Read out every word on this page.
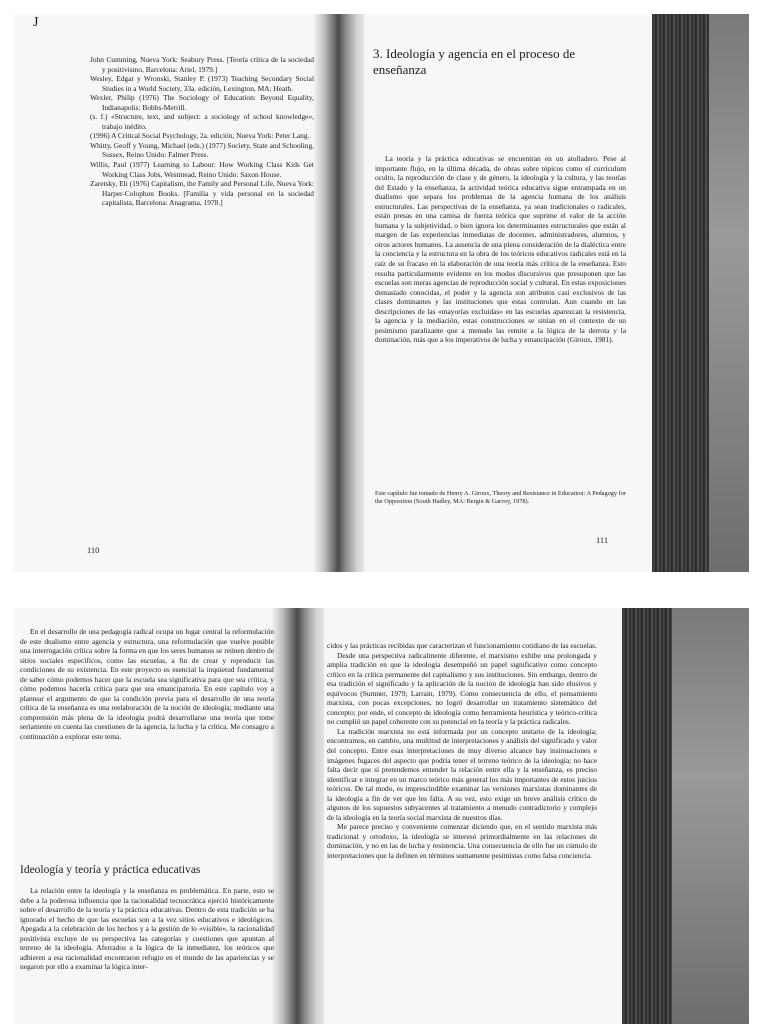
J

John Cumming, Nueva York: Seabury Press. [Teoría crítica de la sociedad y positivismo, Barcelona: Ariel, 1979.]

Wesley, Edgar y Wronski, Stanley P. (1973) Teaching Secondary Social Studies in a World Society, 33a. edición, Lexington, MA: Heath.

Wexler, Philip (1976) The Sociology of Education: Beyond Equality, Indianapolis: Bobbs-Merrill.

(s. f.) «Structure, text, and subject: a sociology of school knowledge», trabajo inédito.

(1996) A Critical Social Psychology, 2a. edición, Nueva York: Peter Lang.

Whitty, Geoff y Young, Michael (eds.) (1977) Society, State and Schooling, Sussex, Reino Unido: Falmer Press.

Willis, Paul (1977) Learning to Labour: How Working Class Kids Get Working Class Jobs, Westmead, Reino Unido: Saxon House.

Zaretsky, Eli (1976) Capitalism, the Family and Personal Life, Nueva York: Harper-Colophon Books. [Familia y vida personal en la sociedad capitalista, Barcelona: Anagrama, 1978.]

110
3. Ideología y agencia en el proceso de enseñanza

La teoría y la práctica educativas se encuentran en un atolladero. Pese al importante flujo, en la última década, de obras sobre tópicos como el currículum oculto, la reproducción de clase y de género, la ideología y la cultura, y las teorías del Estado y la enseñanza, la actividad teórica educativa sigue entrampada en un dualismo que separa los problemas de la agencia humana de los análisis estructurales. Las perspectivas de la enseñanza, ya sean tradicionales o radicales, están presas en una camisa de fuerza teórica que suprime el valor de la acción humana y la subjetividad, o bien ignora los determinantes estructurales que están al margen de las experiencias inmediatas de docentes, administradores, alumnos, y otros actores humanos. La ausencia de una plena consideración de la dialéctica entre la conciencia y la estructura en la obra de los teóricos educativos radicales está en la raíz de su fracaso en la elaboración de una teoría más crítica de la enseñanza. Esto resulta particularmente evidente en los modos discursivos que presuponen que las escuelas son meras agencias de reproducción social y cultural. En estas exposiciones demasiado conocidas, el poder y la agencia son atributos casi exclusivos de las clases dominantes y las instituciones que estas controlan. Aun cuando en las descripciones de las «mayorías excluidas» en las escuelas aparezcan la resistencia, la agencia y la mediación, estas construcciones se sitúan en el contexto de un pesimismo paralizante que a menudo las remite a la lógica de la derrota y la dominación, más que a los imperativos de lucha y emancipación (Giroux, 1981).

Este capítulo fue tomado de Henry A. Giroux, Theory and Resistance in Education: A Pedagogy for the Opposition (South Hadley, MA: Bergin & Garvey, 1978).
111

En el desarrollo de una pedagogía radical ocupa un lugar central la reformulación de este dualismo entre agencia y estructura, una reformulación que vuelve posible una interrogación crítica sobre la forma en que los seres humanos se reúnen dentro de sitios sociales específicos, como las escuelas, a fin de crear y reproducir las condiciones de su existencia. En este proyecto es esencial la inquietud fundamental de saber cómo podemos hacer que la escuela sea significativa para que sea crítica, y cómo podemos hacerla crítica para que sea emancipatoria. En este capítulo voy a plantear el argumento de que la condición previa para el desarrollo de una teoría crítica de la enseñanza es una reelaboración de la noción de ideología; mediante una comprensión más plena de la ideología podrá desarrollarse una teoría que tome seriamente en cuenta las cuestiones de la agencia, la lucha y la crítica. Me consagro a continuación a explorar este tema.

Ideología y teoría y práctica educativas

La relación entre la ideología y la enseñanza es problemática. En parte, esto se debe a la poderosa influencia que la racionalidad tecnocrática ejerció históricamente sobre el desarrollo de la teoría y la práctica educativas. Dentro de esta tradición se ha ignorado el hecho de que las escuelas son a la vez sitios educativos e ideológicos. Apegada a la celebración de los hechos y a la gestión de lo «visible», la racionalidad positivista excluye de su perspectiva las categorías y cuestiones que apuntan al terreno de la ideología. Aferrados a la lógica de la inmediatez, los teóricos que adhieren a esa racionalidad encontraron refugio en el mundo de las apariencias y se negaron por ello a examinar la lógica inter-

cidos y las prácticas recibidas que caracterizan el funcionamiento cotidiano de las escuelas.

Desde una perspectiva radicalmente diferente, el marxismo exhibe una prolongada y amplia tradición en que la ideología desempeñó un papel significativo como concepto crítico en la crítica permanente del capitalismo y sus instituciones. Sin embargo, dentro de esa tradición el significado y la aplicación de la noción de ideología han sido elusivos y equívocos (Sumner, 1979; Larrain, 1979). Como consecuencia de ello, el pensamiento marxista, con pocas excepciones, no logró desarrollar un tratamiento sistemático del concepto; por ende, el concepto de ideología como herramienta heurística y teórico-crítica no cumplió un papel coherente con su potencial en la teoría y la práctica radicales.

La tradición marxista no está informada por un concepto unitario de la ideología; encontramos, en cambio, una multitud de interpretaciones y análisis del significado y valor del concepto. Entre esas interpretaciones de muy diverso alcance hay insinuaciones e imágenes fugaces del aspecto que podría tener el terreno teórico de la ideología; no hace falta decir que si pretendemos entender la relación entre ella y la enseñanza, es preciso identificar e integrar en un marco teórico más general los más importantes de estos juicios teóricos. De tal modo, es imprescindible examinar las versiones marxistas dominantes de la ideología a fin de ver que les falta. A su vez, esto exige un breve análisis crítico de algunos de los supuestos subyacentes al tratamiento a menudo contradictorio y complejo de la ideología en la teoría social marxista de nuestros días.

Me parece preciso y conveniente comenzar diciendo que, en el sentido marxista más tradicional y ortodoxo, la ideología se interesó primordialmente en las relaciones de dominación, y no en las de lucha y resistencia. Una consecuencia de ello fue un cúmulo de interpretaciones que la definen en términos sumamente pesimistas como falsa conciencia.
